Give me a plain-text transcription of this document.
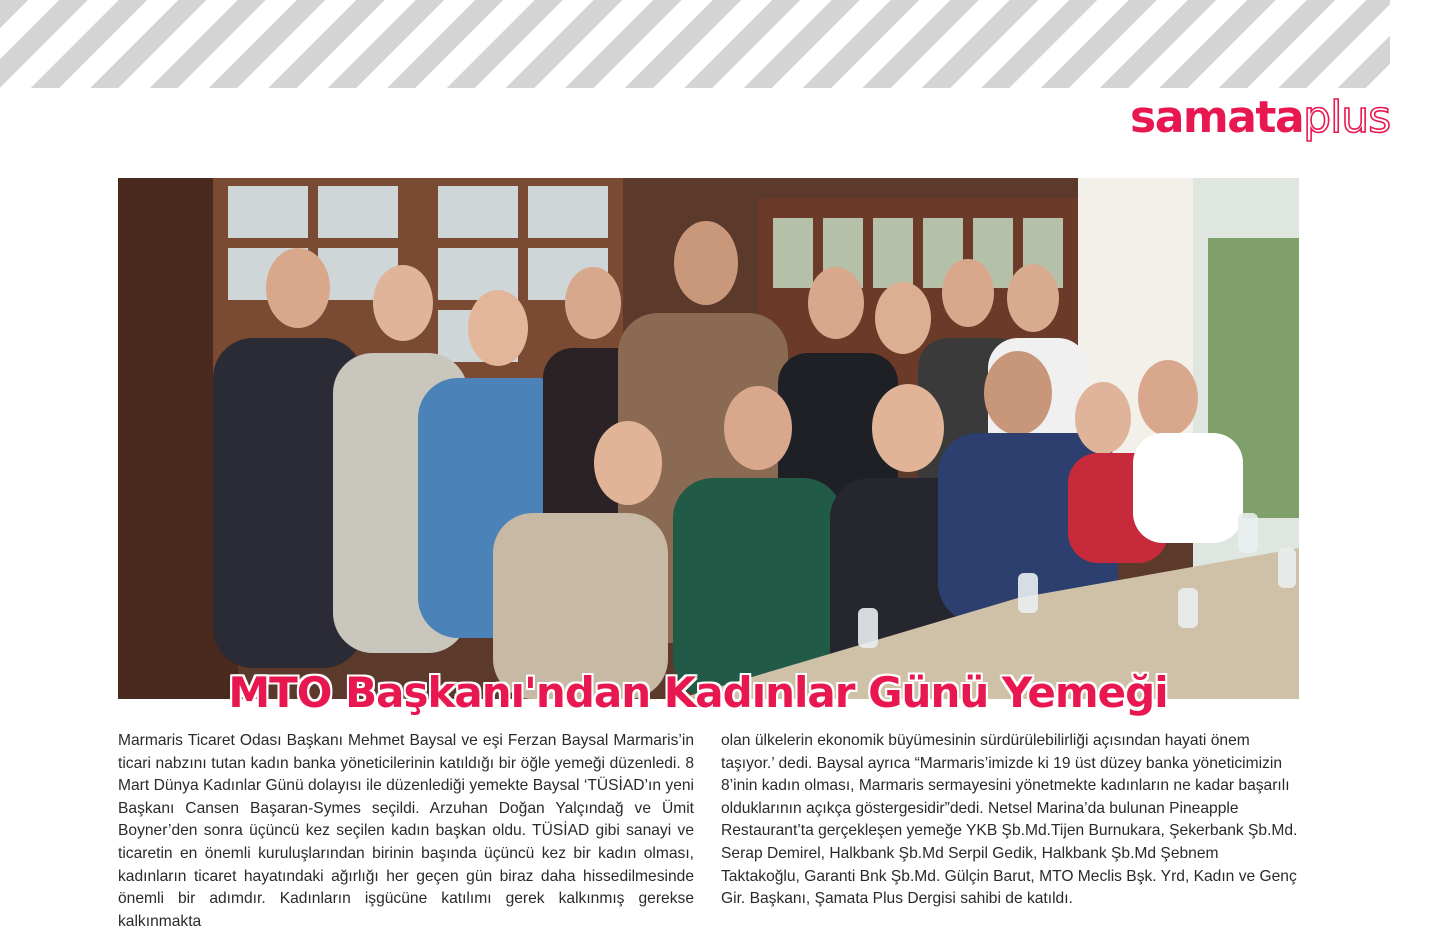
samata plus
MTO Başkanı'ndan Kadınlar Günü Yemeği

Marmaris Ticaret Odası Başkanı Mehmet Baysal ve eşi Ferzan Baysal Marmaris’in ticari nabzını tutan kadın banka yöneticilerinin katıldığı bir öğle yemeği düzenledi. 8 Mart Dünya Kadınlar Günü dolayısı ile düzenlediği yemekte Baysal ‘TÜSİAD’ın yeni Başkanı Cansen Başaran-Symes seçildi. Arzuhan Doğan Yalçındağ ve Ümit Boyner’den sonra üçüncü kez seçilen kadın başkan oldu. TÜSİAD gibi sanayi ve ticaretin en önemli kuruluşlarından birinin başında üçüncü kez bir kadın olması, kadınların ticaret hayatındaki ağırlığı her geçen gün biraz daha hissedilmesinde önemli bir adımdır. Kadınların işgücüne katılımı gerek kalkınmış gerekse kalkınmakta

olan ülkelerin ekonomik büyümesinin sürdürülebilirliği açısından hayati önem taşıyor.’ dedi. Baysal ayrıca “Marmaris’imizde ki 19 üst düzey banka yöneticimizin 8’inin kadın olması, Marmaris sermayesini yönetmekte kadınların ne kadar başarılı olduklarının açıkça göstergesidir”dedi. Netsel Marina’da bulunan Pineapple Restaurant’ta gerçekleşen yemeğe YKB Şb.Md.Tijen Burnukara, Şekerbank Şb.Md. Serap Demirel, Halkbank Şb.Md Serpil Gedik, Halkbank Şb.Md Şebnem Taktakoğlu, Garanti Bnk Şb.Md. Gülçin Barut, MTO Meclis Bşk. Yrd, Kadın ve Genç Gir. Başkanı, Şamata Plus Dergisi sahibi de katıldı.
